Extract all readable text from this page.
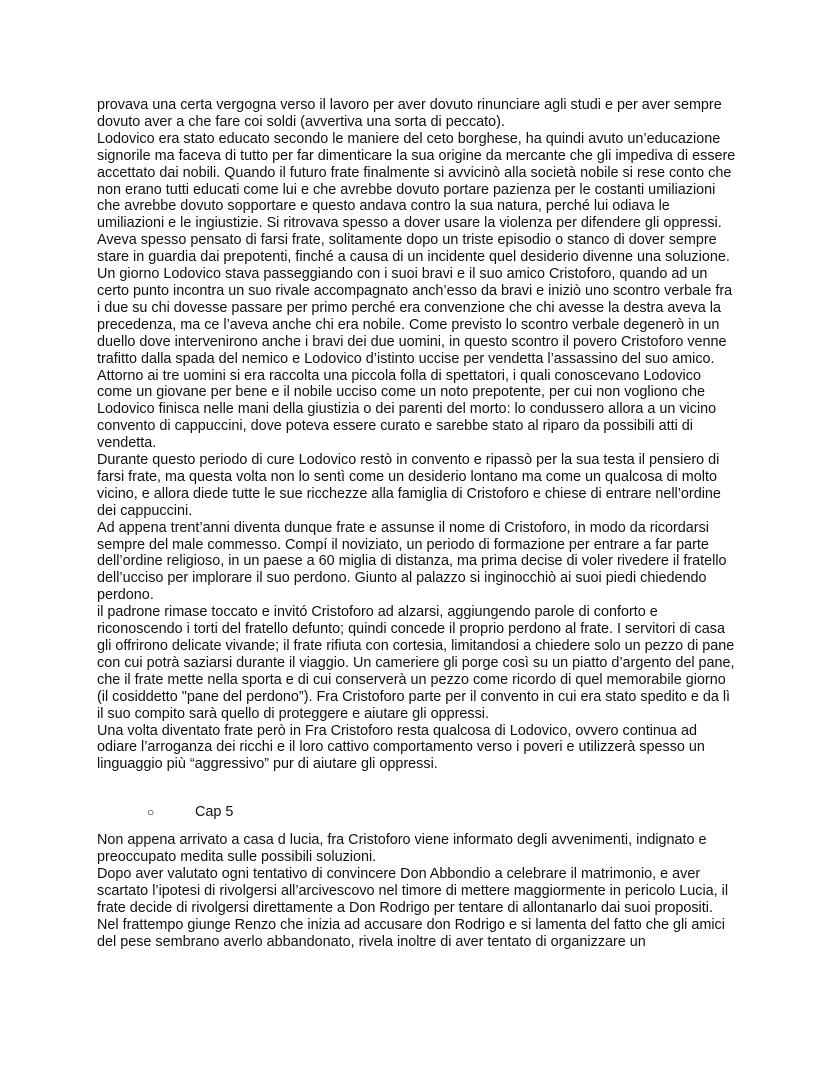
provava una certa vergogna verso il lavoro per aver dovuto rinunciare agli studi e per aver sempre dovuto aver a che fare coi soldi (avvertiva una sorta di peccato).

Lodovico era stato educato secondo le maniere del ceto borghese, ha quindi avuto un’educazione signorile ma faceva di tutto per far dimenticare la sua origine da mercante che gli impediva di essere accettato dai nobili. Quando il futuro frate finalmente si avvicinò alla società nobile si rese conto che non erano tutti educati come lui e che avrebbe dovuto portare pazienza per le costanti umiliazioni che avrebbe dovuto sopportare e questo andava contro la sua natura, perché lui odiava le umiliazioni e le ingiustizie. Si ritrovava spesso a dover usare la violenza per difendere gli oppressi.

Aveva spesso pensato di farsi frate, solitamente dopo un triste episodio o stanco di dover sempre stare in guardia dai prepotenti, finché a causa di un incidente quel desiderio divenne una soluzione.

Un giorno Lodovico stava passeggiando con i suoi bravi e il suo amico Cristoforo, quando ad un certo punto incontra un suo rivale accompagnato anch’esso da bravi e iniziò uno scontro verbale fra i due su chi dovesse passare per primo perché era convenzione che chi avesse la destra aveva la precedenza, ma ce l’aveva anche chi era nobile. Come previsto lo scontro verbale degenerò in un duello dove intervenirono anche i bravi dei due uomini, in questo scontro il povero Cristoforo venne trafitto dalla spada del nemico e Lodovico d’istinto uccise per vendetta l’assassino del suo amico. Attorno ai tre uomini si era raccolta una piccola folla di spettatori, i quali conoscevano Lodovico come un giovane per bene e il nobile ucciso come un noto prepotente, per cui non vogliono che Lodovico finisca nelle mani della giustizia o dei parenti del morto: lo condussero allora a un vicino convento di cappuccini, dove poteva essere curato e sarebbe stato al riparo da possibili atti di vendetta.

Durante questo periodo di cure Lodovico restò in convento e ripassò per la sua testa il pensiero di farsi frate, ma questa volta non lo sentì come un desiderio lontano ma come un qualcosa di molto vicino, e allora diede tutte le sue ricchezze alla famiglia di Cristoforo e chiese di entrare nell’ordine dei cappuccini.

Ad appena trent’anni diventa dunque frate e assunse il nome di Cristoforo, in modo da ricordarsi sempre del male commesso. Compí il noviziato, un periodo di formazione per entrare a far parte dell’ordine religioso, in un paese a 60 miglia di distanza, ma prima decise di voler rivedere il fratello dell’ucciso per implorare il suo perdono. Giunto al palazzo si inginocchiò ai suoi piedi chiedendo perdono.

il padrone rimase toccato e invitó Cristoforo ad alzarsi, aggiungendo parole di conforto e riconoscendo i torti del fratello defunto; quindi concede il proprio perdono al frate. I servitori di casa gli offrirono delicate vivande; il frate rifiuta con cortesia, limitandosi a chiedere solo un pezzo di pane con cui potrà saziarsi durante il viaggio. Un cameriere gli porge così su un piatto d’argento del pane, che il frate mette nella sporta e di cui conserverà un pezzo come ricordo di quel memorabile giorno (il cosiddetto "pane del perdono”). Fra Cristoforo parte per il convento in cui era stato spedito e da lì il suo compito sarà quello di proteggere e aiutare gli oppressi.

Una volta diventato frate però in Fra Cristoforo resta qualcosa di Lodovico, ovvero continua ad odiare l’arroganza dei ricchi e il loro cattivo comportamento verso i poveri e utilizzerà spesso un linguaggio più “aggressivo” pur di aiutare gli oppressi.

○	Cap 5

Non appena arrivato a casa d lucia, fra Cristoforo viene informato degli avvenimenti, indignato e preoccupato medita sulle possibili soluzioni.

Dopo aver valutato ogni tentativo di convincere Don Abbondio a celebrare il matrimonio, e aver scartato l’ipotesi di rivolgersi all’arcivescovo nel timore di mettere maggiormente in pericolo Lucia, il frate decide di rivolgersi direttamente a Don Rodrigo per tentare di allontanarlo dai suoi propositi.

Nel frattempo giunge Renzo che inizia ad accusare don Rodrigo e si lamenta del fatto che gli amici del pese sembrano averlo abbandonato, rivela inoltre di aver tentato di organizzare un
